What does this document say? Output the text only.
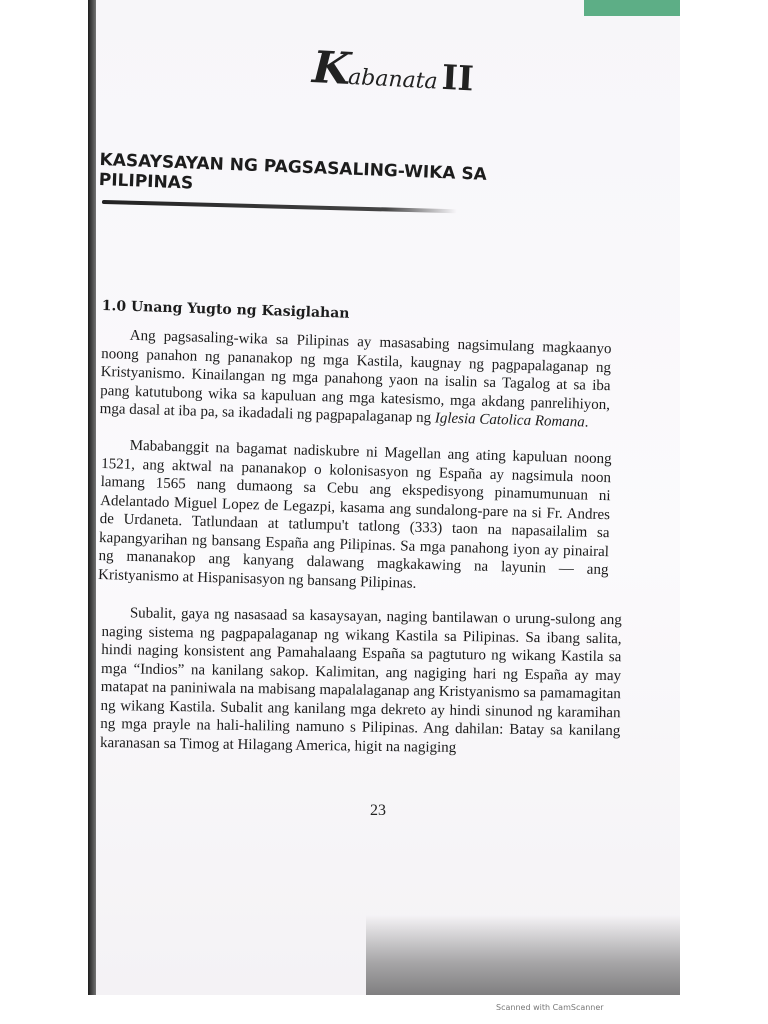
KabanataII
KASAYSAYAN NG PAGSASALING-WIKA SA PILIPINAS
1.0 Unang Yugto ng Kasiglahan
Ang pagsasaling-wika sa Pilipinas ay masasabing nagsimulang magkaanyo noong panahon ng pananakop ng mga Kastila, kaugnay ng pagpapalaganap ng Kristyanismo. Kinailangan ng mga panahong yaon na isalin sa Tagalog at sa iba pang katutubong wika sa kapuluan ang mga katesismo, mga akdang panrelihiyon, mga dasal at iba pa, sa ikadadali ng pagpapalaganap ng Iglesia Catolica Romana.
Mababanggit na bagamat nadiskubre ni Magellan ang ating kapuluan noong 1521, ang aktwal na pananakop o kolonisasyon ng España ay nagsimula noon lamang 1565 nang dumaong sa Cebu ang ekspedisyong pinamumunuan ni Adelantado Miguel Lopez de Legazpi, kasama ang sundalong-pare na si Fr. Andres de Urdaneta. Tatlundaan at tatlumpu't tatlong (333) taon na napasailalim sa kapangyarihan ng bansang España ang Pilipinas. Sa mga panahong iyon ay pinairal ng mananakop ang kanyang dalawang magkakawing na layunin — ang Kristyanismo at Hispanisasyon ng bansang Pilipinas.
Subalit, gaya ng nasasaad sa kasaysayan, naging bantilawan o urung-sulong ang naging sistema ng pagpapalaganap ng wikang Kastila sa Pilipinas. Sa ibang salita, hindi naging konsistent ang Pamahalaang España sa pagtuturo ng wikang Kastila sa mga “Indios” na kanilang sakop. Kalimitan, ang nagiging hari ng España ay may matapat na paniniwala na mabisang mapalalaganap ang Kristyanismo sa pamamagitan ng wikang Kastila. Subalit ang kanilang mga dekreto ay hindi sinunod ng karamihan ng mga prayle na hali-haliling namuno s Pilipinas. Ang dahilan: Batay sa kanilang karanasan sa Timog at Hilagang America, higit na nagiging
23
Scanned with CamScanner
